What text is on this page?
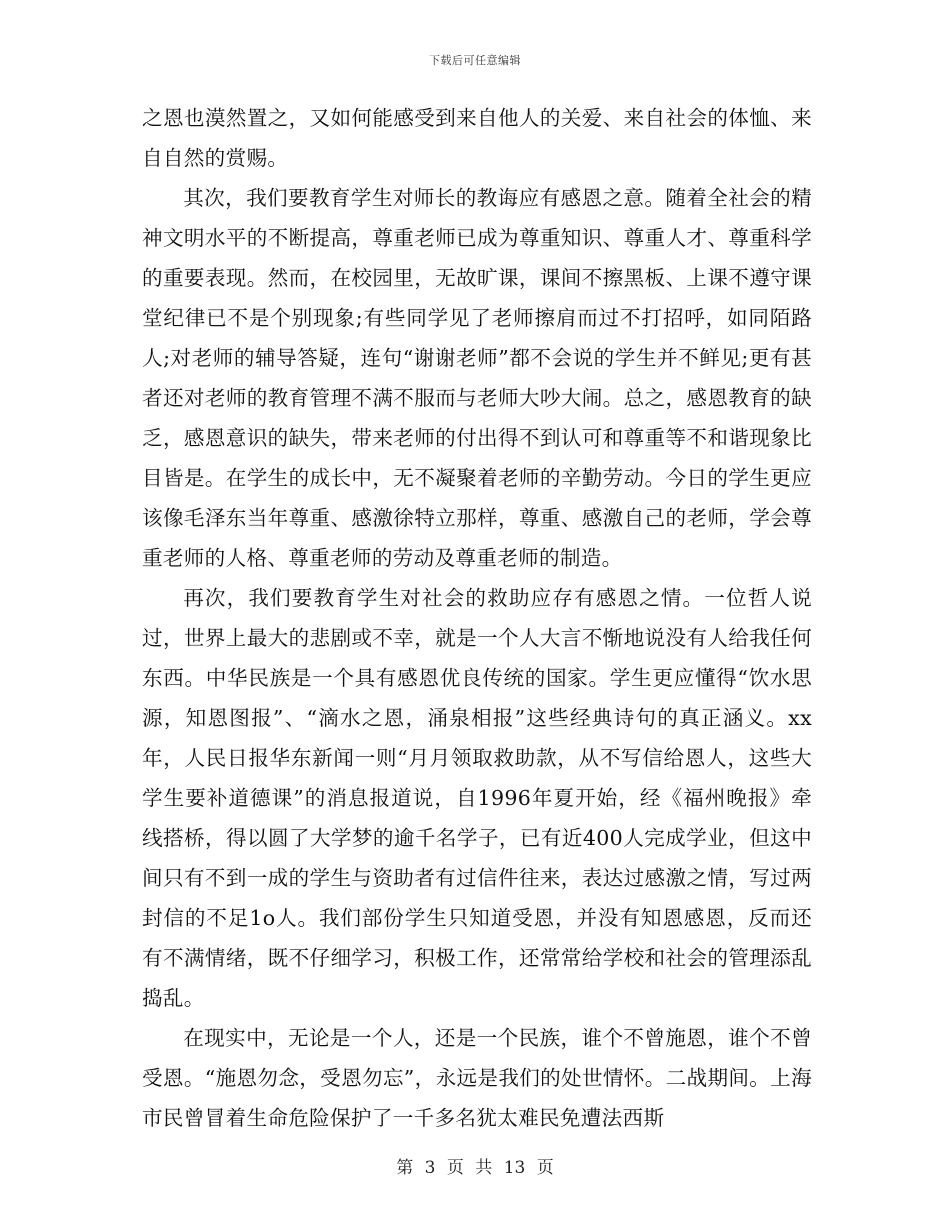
下载后可任意编辑

之恩也漠然置之，又如何能感受到来自他人的关爱、来自社会的体恤、来自自然的赏赐。

其次，我们要教育学生对师长的教诲应有感恩之意。随着全社会的精神文明水平的不断提高，尊重老师已成为尊重知识、尊重人才、尊重科学的重要表现。然而，在校园里，无故旷课，课间不擦黑板、上课不遵守课堂纪律已不是个别现象;有些同学见了老师擦肩而过不打招呼，如同陌路人;对老师的辅导答疑，连句“谢谢老师”都不会说的学生并不鲜见;更有甚者还对老师的教育管理不满不服而与老师大吵大闹。总之，感恩教育的缺乏，感恩意识的缺失，带来老师的付出得不到认可和尊重等不和谐现象比目皆是。在学生的成长中，无不凝聚着老师的辛勤劳动。今日的学生更应该像毛泽东当年尊重、感激徐特立那样，尊重、感激自己的老师，学会尊重老师的人格、尊重老师的劳动及尊重老师的制造。

再次，我们要教育学生对社会的救助应存有感恩之情。一位哲人说过，世界上最大的悲剧或不幸，就是一个人大言不惭地说没有人给我任何东西。中华民族是一个具有感恩优良传统的国家。学生更应懂得“饮水思源，知恩图报”、“滴水之恩，涌泉相报”这些经典诗句的真正涵义。xx年，人民日报华东新闻一则“月月领取救助款，从不写信给恩人，这些大学生要补道德课”的消息报道说，自1996年夏开始，经《福州晚报》牵线搭桥，得以圆了大学梦的逾千名学子，已有近400人完成学业，但这中间只有不到一成的学生与资助者有过信件往来，表达过感激之情，写过两封信的不足1o人。我们部份学生只知道受恩，并没有知恩感恩，反而还有不满情绪，既不仔细学习，积极工作，还常常给学校和社会的管理添乱捣乱。

在现实中，无论是一个人，还是一个民族，谁个不曾施恩，谁个不曾受恩。“施恩勿念，受恩勿忘”，永远是我们的处世情怀。二战期间。上海市民曾冒着生命危险保护了一千多名犹太难民免遭法西斯

第 3 页 共 13 页
